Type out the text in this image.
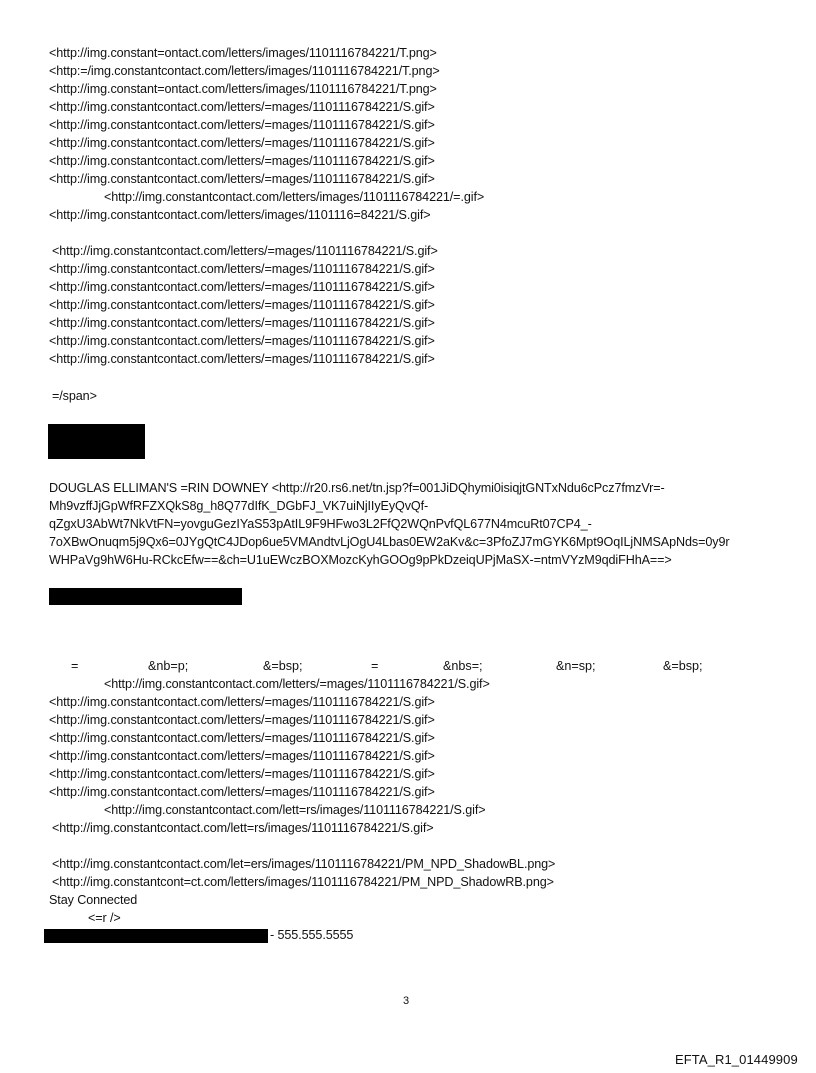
<http://img.constant=ontact.com/letters/images/1101116784221/T.png>
<http:=/img.constantcontact.com/letters/images/1101116784221/T.png>
<http://img.constant=ontact.com/letters/images/1101116784221/T.png>
<http://img.constantcontact.com/letters/=mages/1101116784221/S.gif>
<http://img.constantcontact.com/letters/=mages/1101116784221/S.gif>
<http://img.constantcontact.com/letters/=mages/1101116784221/S.gif>
<http://img.constantcontact.com/letters/=mages/1101116784221/S.gif>
<http://img.constantcontact.com/letters/=mages/1101116784221/S.gif>
<http://img.constantcontact.com/letters/images/1101116784221/=.gif>
<http://img.constantcontact.com/letters/images/1101116=84221/S.gif>
<http://img.constantcontact.com/letters/=mages/1101116784221/S.gif>
<http://img.constantcontact.com/letters/=mages/1101116784221/S.gif>
<http://img.constantcontact.com/letters/=mages/1101116784221/S.gif>
<http://img.constantcontact.com/letters/=mages/1101116784221/S.gif>
<http://img.constantcontact.com/letters/=mages/1101116784221/S.gif>
<http://img.constantcontact.com/letters/=mages/1101116784221/S.gif>
<http://img.constantcontact.com/letters/=mages/1101116784221/S.gif>
=/span>
DOUGLAS ELLIMAN'S =RIN DOWNEY <http://r20.rs6.net/tn.jsp?f=001JiDQhymi0isiqjtGNTxNdu6cPcz7fmzVr=-
Mh9vzffJjGpWfRFZXQkS8g_h8Q77dIfK_DGbFJ_VK7uiNjIIyEyQvQf-
qZgxU3AbWt7NkVtFN=yovguGezIYaS53pAtIL9F9HFwo3L2FfQ2WQnPvfQL677N4mcuRt07CP4_-
7oXBwOnuqm5j9Qx6=0JYgQtC4JDop6ue5VMAndtvLjOgU4Lbas0EW2aKv&c=3PfoZJ7mGYK6Mpt9OqILjNMSApNds=0y9r
WHPaVg9hW6Hu-RCkcEfw==&ch=U1uEWczBOXMozcKyhGOOg9pPkDzeiqUPjMaSX-=ntmVYzM9qdiFHhA==>
=	&nb=p;	&=bsp;	=	&nbs=;	&n=sp;	&=bsp;
<http://img.constantcontact.com/letters/=mages/1101116784221/S.gif>
<http://img.constantcontact.com/letters/=mages/1101116784221/S.gif>
<http://img.constantcontact.com/letters/=mages/1101116784221/S.gif>
<http://img.constantcontact.com/letters/=mages/1101116784221/S.gif>
<http://img.constantcontact.com/letters/=mages/1101116784221/S.gif>
<http://img.constantcontact.com/letters/=mages/1101116784221/S.gif>
<http://img.constantcontact.com/letters/=mages/1101116784221/S.gif>
<http://img.constantcontact.com/lett=rs/images/1101116784221/S.gif>
<http://img.constantcontact.com/lett=rs/images/1101116784221/S.gif>
<http://img.constantcontact.com/let=ers/images/1101116784221/PM_NPD_ShadowBL.png>
<http://img.constantcont=ct.com/letters/images/1101116784221/PM_NPD_ShadowRB.png>
Stay Connected
<=r />
- 555.555.5555
3
EFTA_R1_01449909
